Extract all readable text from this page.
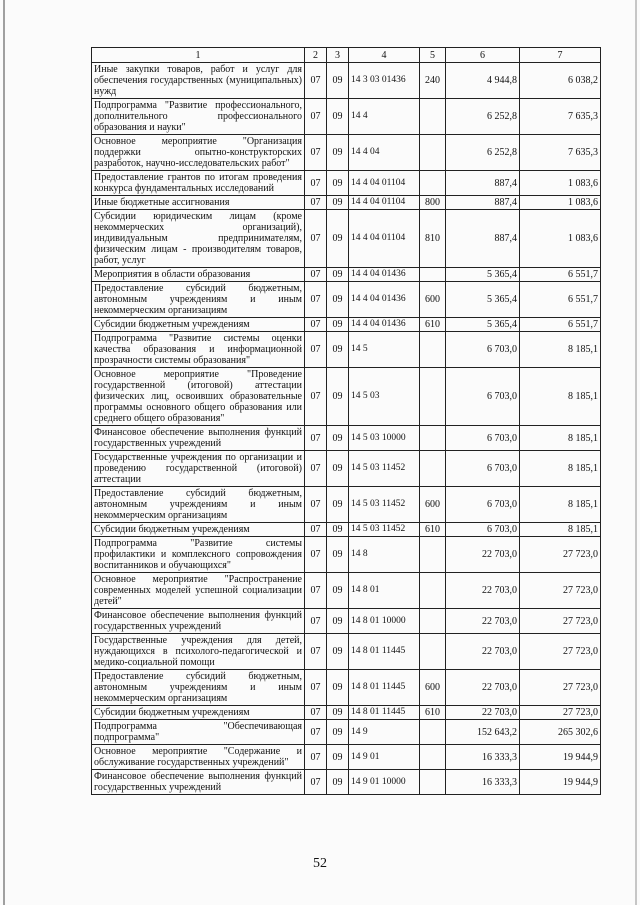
1	2	3	4	5	6	7
Иные закупки товаров, работ и услуг для обеспечения государственных (муниципальных) нужд	07	09	14 3 03 01436	240	4 944,8	6 038,2
Подпрограмма "Развитие профессионального, дополнительного профессионального образования и науки"	07	09	14 4		6 252,8	7 635,3
Основное мероприятие "Организация поддержки опытно-конструкторских разработок, научно-исследовательских работ"	07	09	14 4 04		6 252,8	7 635,3
Предоставление грантов по итогам проведения конкурса фундаментальных исследований	07	09	14 4 04 01104		887,4	1 083,6
Иные бюджетные ассигнования	07	09	14 4 04 01104	800	887,4	1 083,6
Субсидии юридическим лицам (кроме некоммерческих организаций), индивидуальным предпринимателям, физическим лицам - производителям товаров, работ, услуг	07	09	14 4 04 01104	810	887,4	1 083,6
Мероприятия в области образования	07	09	14 4 04 01436		5 365,4	6 551,7
Предоставление субсидий бюджетным, автономным учреждениям и иным некоммерческим организациям	07	09	14 4 04 01436	600	5 365,4	6 551,7
Субсидии бюджетным учреждениям	07	09	14 4 04 01436	610	5 365,4	6 551,7
Подпрограмма "Развитие системы оценки качества образования и информационной прозрачности системы образования"	07	09	14 5		6 703,0	8 185,1
Основное мероприятие "Проведение государственной (итоговой) аттестации физических лиц, освоивших образовательные программы основного общего образования или среднего общего образования"	07	09	14 5 03		6 703,0	8 185,1
Финансовое обеспечение выполнения функций государственных учреждений	07	09	14 5 03 10000		6 703,0	8 185,1
Государственные учреждения по организации и проведению государственной (итоговой) аттестации	07	09	14 5 03 11452		6 703,0	8 185,1
Предоставление субсидий бюджетным, автономным учреждениям и иным некоммерческим организациям	07	09	14 5 03 11452	600	6 703,0	8 185,1
Субсидии бюджетным учреждениям	07	09	14 5 03 11452	610	6 703,0	8 185,1
Подпрограмма "Развитие системы профилактики и комплексного сопровождения воспитанников и обучающихся"	07	09	14 8		22 703,0	27 723,0
Основное мероприятие "Распространение современных моделей успешной социализации детей"	07	09	14 8 01		22 703,0	27 723,0
Финансовое обеспечение выполнения функций государственных учреждений	07	09	14 8 01 10000		22 703,0	27 723,0
Государственные учреждения для детей, нуждающихся в психолого-педагогической и медико-социальной помощи	07	09	14 8 01 11445		22 703,0	27 723,0
Предоставление субсидий бюджетным, автономным учреждениям и иным некоммерческим организациям	07	09	14 8 01 11445	600	22 703,0	27 723,0
Субсидии бюджетным учреждениям	07	09	14 8 01 11445	610	22 703,0	27 723,0
Подпрограмма "Обеспечивающая подпрограмма"	07	09	14 9		152 643,2	265 302,6
Основное мероприятие "Содержание и обслуживание государственных учреждений"	07	09	14 9 01		16 333,3	19 944,9
Финансовое обеспечение выполнения функций государственных учреждений	07	09	14 9 01 10000		16 333,3	19 944,9
52
